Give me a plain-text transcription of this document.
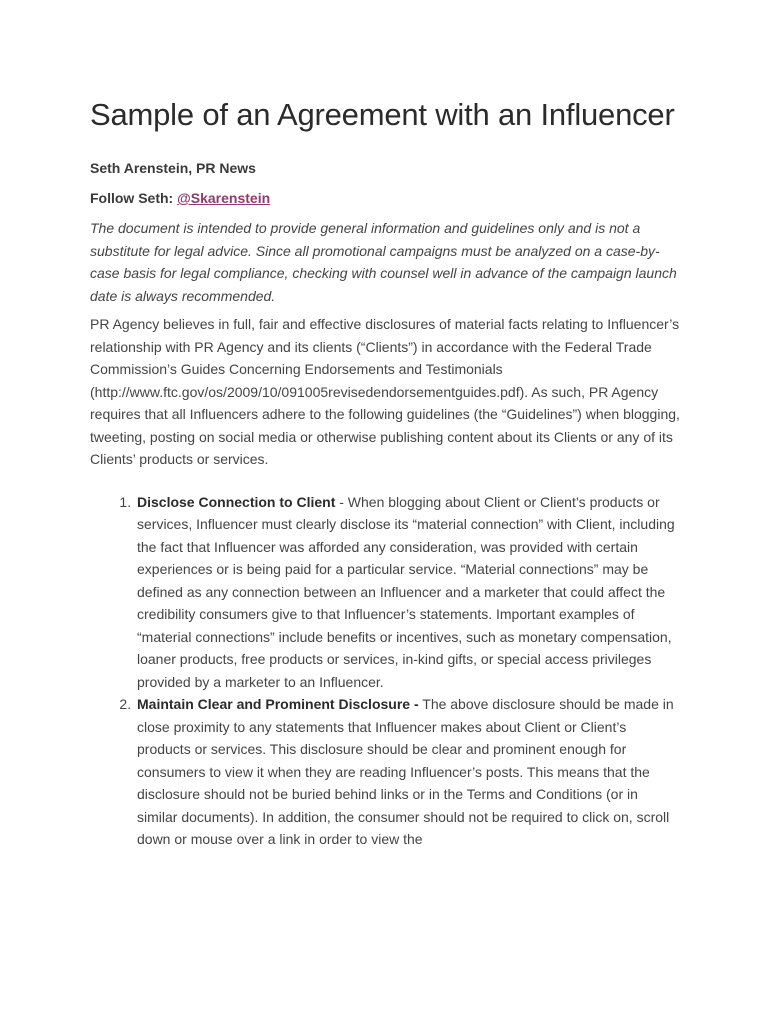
Sample of an Agreement with an Influencer

Seth Arenstein, PR News

Follow Seth: @Skarenstein

The document is intended to provide general information and guidelines only and is not a substitute for legal advice. Since all promotional campaigns must be analyzed on a case-by-case basis for legal compliance, checking with counsel well in advance of the campaign launch date is always recommended.

PR Agency believes in full, fair and effective disclosures of material facts relating to Influencer’s relationship with PR Agency and its clients (“Clients”) in accordance with the Federal Trade Commission’s Guides Concerning Endorsements and Testimonials (http://www.ftc.gov/os/2009/10/091005revisedendorsementguides.pdf). As such, PR Agency requires that all Influencers adhere to the following guidelines (the “Guidelines”) when blogging, tweeting, posting on social media or otherwise publishing content about its Clients or any of its Clients’ products or services.

1. Disclose Connection to Client - When blogging about Client or Client’s products or services, Influencer must clearly disclose its “material connection” with Client, including the fact that Influencer was afforded any consideration, was provided with certain experiences or is being paid for a particular service. “Material connections” may be defined as any connection between an Influencer and a marketer that could affect the credibility consumers give to that Influencer’s statements. Important examples of “material connections” include benefits or incentives, such as monetary compensation, loaner products, free products or services, in-kind gifts, or special access privileges provided by a marketer to an Influencer.
2. Maintain Clear and Prominent Disclosure - The above disclosure should be made in close proximity to any statements that Influencer makes about Client or Client’s products or services. This disclosure should be clear and prominent enough for consumers to view it when they are reading Influencer’s posts. This means that the disclosure should not be buried behind links or in the Terms and Conditions (or in similar documents). In addition, the consumer should not be required to click on, scroll down or mouse over a link in order to view the
